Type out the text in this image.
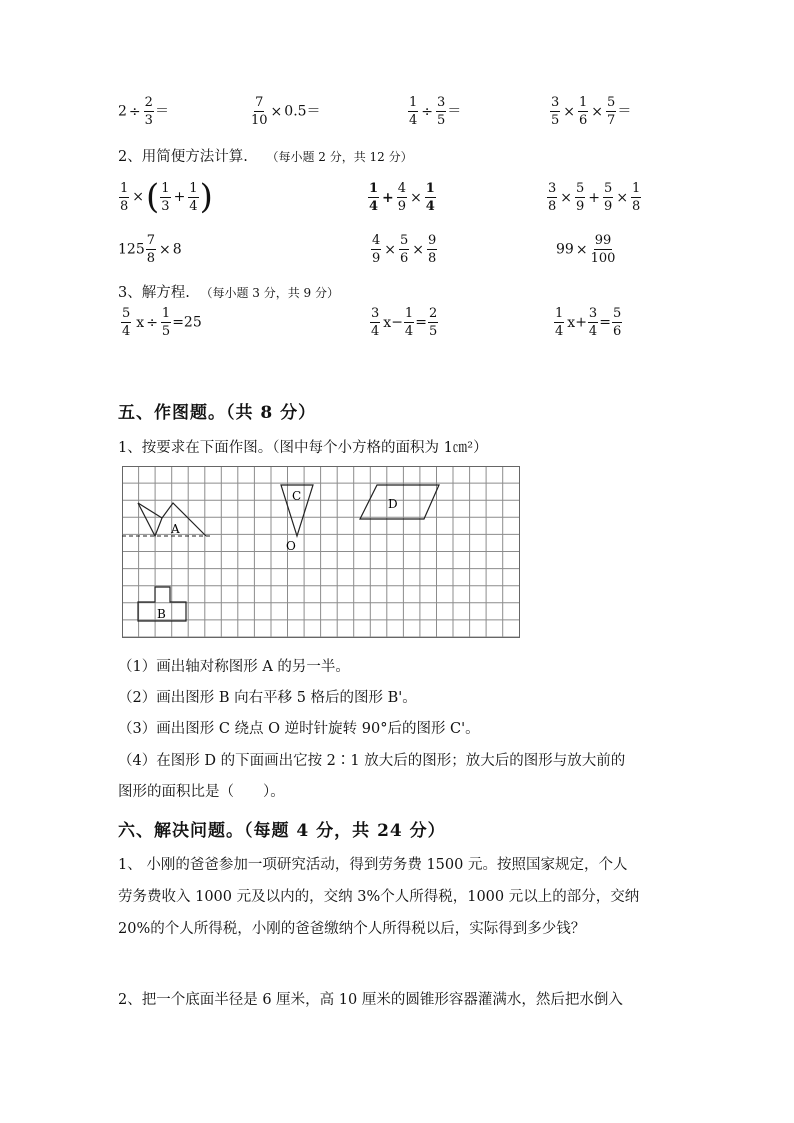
$2 \div \frac{2}{3}$ ＝	$\frac{7}{10} \times 0.5=$	$\frac{1}{4} \div \frac{3}{5}$ ＝	$\frac{3}{5} \times \frac{1}{6} \times \frac{5}{7}$ ＝
2、用简便方法计算. （每小题 2 分，共 12 分）
$\frac{1}{8}$ ×( $\frac{1}{3} + \frac{1}{4}$ )	$\frac{1}{4} + \frac{4}{9} \times \frac{1}{4}$	$\frac{3}{8} \times \frac{5}{9} + \frac{5}{9} \times \frac{1}{8}$
$125 \frac{7}{8} \times 8$	$\frac{4}{9} \times \frac{5}{6} \times \frac{9}{8}$	$99 \times \frac{99}{100}$
3、解方程. （每小题 3 分，共 9 分）
$\frac{5}{4}$ $x \div \frac{1}{5} =25$	$\frac{3}{4} x- \frac{1}{4} = \frac{2}{5}$	$\frac{1}{4} x+ \frac{3}{4} = \frac{5}{6}$
五、作图题。（共 8 分）
1、按要求在下面作图。（图中每个小方格的面积为 1㎝²）
A
C
O
D
B
（1）画出轴对称图形 A 的另一半。
（2）画出图形 B 向右平移 5 格后的图形 B'。
（3）画出图形 C 绕点 O 逆时针旋转 90°后的图形 C'。
（4）在图形 D 的下面画出它按 2∶1 放大后的图形；放大后的图形与放大前的
图形的面积比是（　　）。
六、解决问题。（每题 4 分，共 24 分）
1、 小刚的爸爸参加一项研究活动，得到劳务费 1500 元。按照国家规定，个人
劳务费收入 1000 元及以内的，交纳 3%个人所得税，1000 元以上的部分，交纳
20%的个人所得税，小刚的爸爸缴纳个人所得税以后，实际得到多少钱？
2、把一个底面半径是 6 厘米，高 10 厘米的圆锥形容器灌满水，然后把水倒入
